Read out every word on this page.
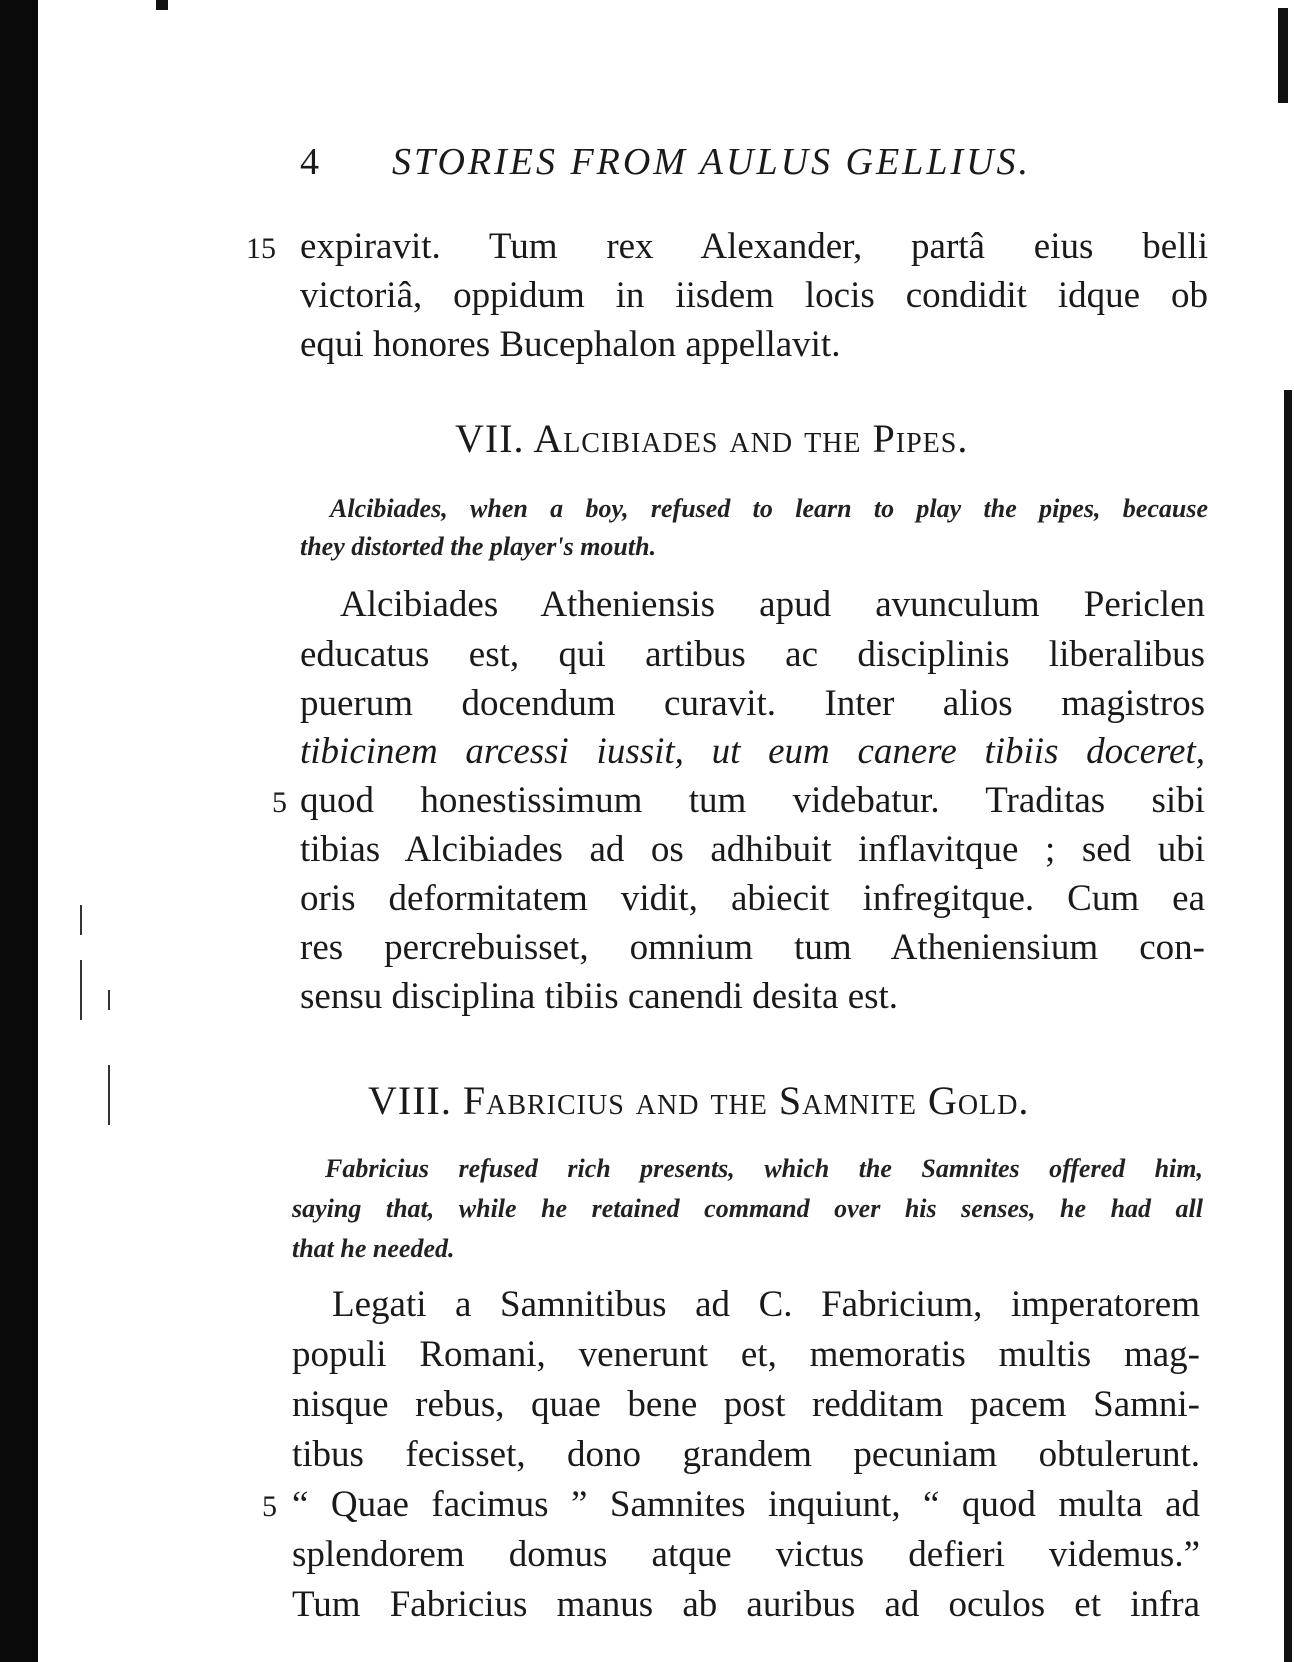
4 STORIES FROM AULUS GELLIUS.
15 expiravit. Tum rex Alexander, partâ eius belli
victoriâ, oppidum in iisdem locis condidit idque ob
equi honores Bucephalon appellavit.
VII. Alcibiades and the Pipes.
Alcibiades, when a boy, refused to learn to play the pipes, because
they distorted the player's mouth.
Alcibiades Atheniensis apud avunculum Periclen
educatus est, qui artibus ac disciplinis liberalibus
puerum docendum curavit. Inter alios magistros
tibicinem arcessi iussit, ut eum canere tibiis doceret,
5 quod honestissimum tum videbatur. Traditas sibi
tibias Alcibiades ad os adhibuit inflavitque ; sed ubi
oris deformitatem vidit, abiecit infregitque. Cum ea
res percrebuisset, omnium tum Atheniensium con-
sensu disciplina tibiis canendi desita est.
VIII. Fabricius and the Samnite Gold.
Fabricius refused rich presents, which the Samnites offered him,
saying that, while he retained command over his senses, he had all
that he needed.
Legati a Samnitibus ad C. Fabricium, imperatorem
populi Romani, venerunt et, memoratis multis mag-
nisque rebus, quae bene post redditam pacem Samni-
tibus fecisset, dono grandem pecuniam obtulerunt.
5 “ Quae facimus ” Samnites inquiunt, “ quod multa ad
splendorem domus atque victus defieri videmus.”
Tum Fabricius manus ab auribus ad oculos et infra
